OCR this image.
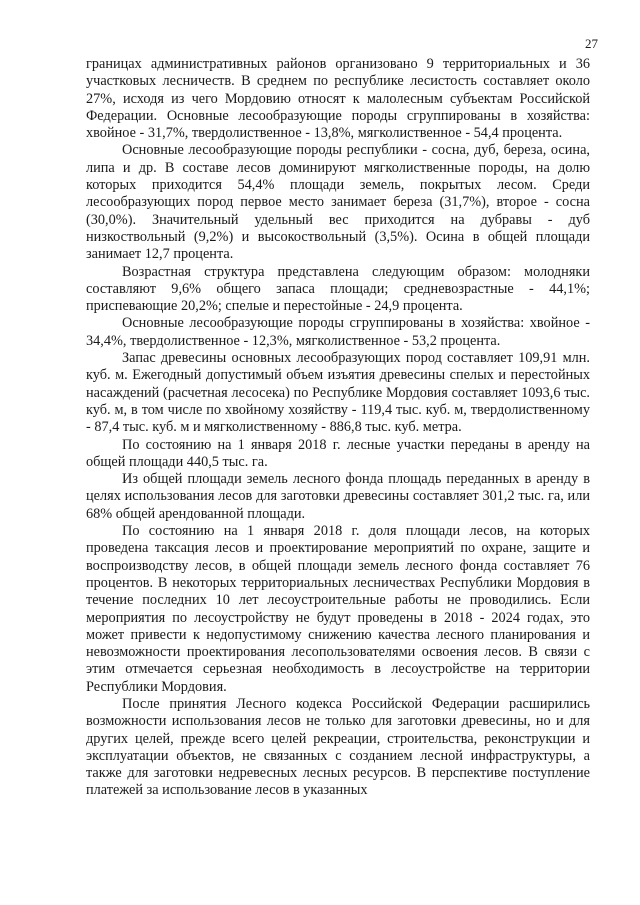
27

границах административных районов организовано 9 территориальных и 36 участковых лесничеств. В среднем по республике лесистость составляет около 27%, исходя из чего Мордовию относят к малолесным субъектам Российской Федерации. Основные лесообразующие породы сгруппированы в хозяйства: хвойное - 31,7%, твердолиственное - 13,8%, мягколиственное - 54,4 процента.

Основные лесообразующие породы республики - сосна, дуб, береза, осина, липа и др. В составе лесов доминируют мягколиственные породы, на долю которых приходится 54,4% площади земель, покрытых лесом. Среди лесообразующих пород первое место занимает береза (31,7%), второе - сосна (30,0%). Значительный удельный вес приходится на дубравы - дуб низкоствольный (9,2%) и высокоствольный (3,5%). Осина в общей площади занимает 12,7 процента.

Возрастная структура представлена следующим образом: молодняки составляют 9,6% общего запаса площади; средневозрастные - 44,1%; приспевающие 20,2%; спелые и перестойные - 24,9 процента.

Основные лесообразующие породы сгруппированы в хозяйства: хвойное - 34,4%, твердолиственное - 12,3%, мягколиственное - 53,2 процента.

Запас древесины основных лесообразующих пород составляет 109,91 млн. куб. м. Ежегодный допустимый объем изъятия древесины спелых и перестойных насаждений (расчетная лесосека) по Республике Мордовия составляет 1093,6 тыс. куб. м, в том числе по хвойному хозяйству - 119,4 тыс. куб. м, твердолиственному - 87,4 тыс. куб. м и мягколиственному - 886,8 тыс. куб. метра.

По состоянию на 1 января 2018 г. лесные участки переданы в аренду на общей площади 440,5 тыс. га.

Из общей площади земель лесного фонда площадь переданных в аренду в целях использования лесов для заготовки древесины составляет 301,2 тыс. га, или 68% общей арендованной площади.

По состоянию на 1 января 2018 г. доля площади лесов, на которых проведена таксация лесов и проектирование мероприятий по охране, защите и воспроизводству лесов, в общей площади земель лесного фонда составляет 76 процентов. В некоторых территориальных лесничествах Республики Мордовия в течение последних 10 лет лесоустроительные работы не проводились. Если мероприятия по лесоустройству не будут проведены в 2018 - 2024 годах, это может привести к недопустимому снижению качества лесного планирования и невозможности проектирования лесопользователями освоения лесов. В связи с этим отмечается серьезная необходимость в лесоустройстве на территории Республики Мордовия.

После принятия Лесного кодекса Российской Федерации расширились возможности использования лесов не только для заготовки древесины, но и для других целей, прежде всего целей рекреации, строительства, реконструкции и эксплуатации объектов, не связанных с созданием лесной инфраструктуры, а также для заготовки недревесных лесных ресурсов. В перспективе поступление платежей за использование лесов в указанных
